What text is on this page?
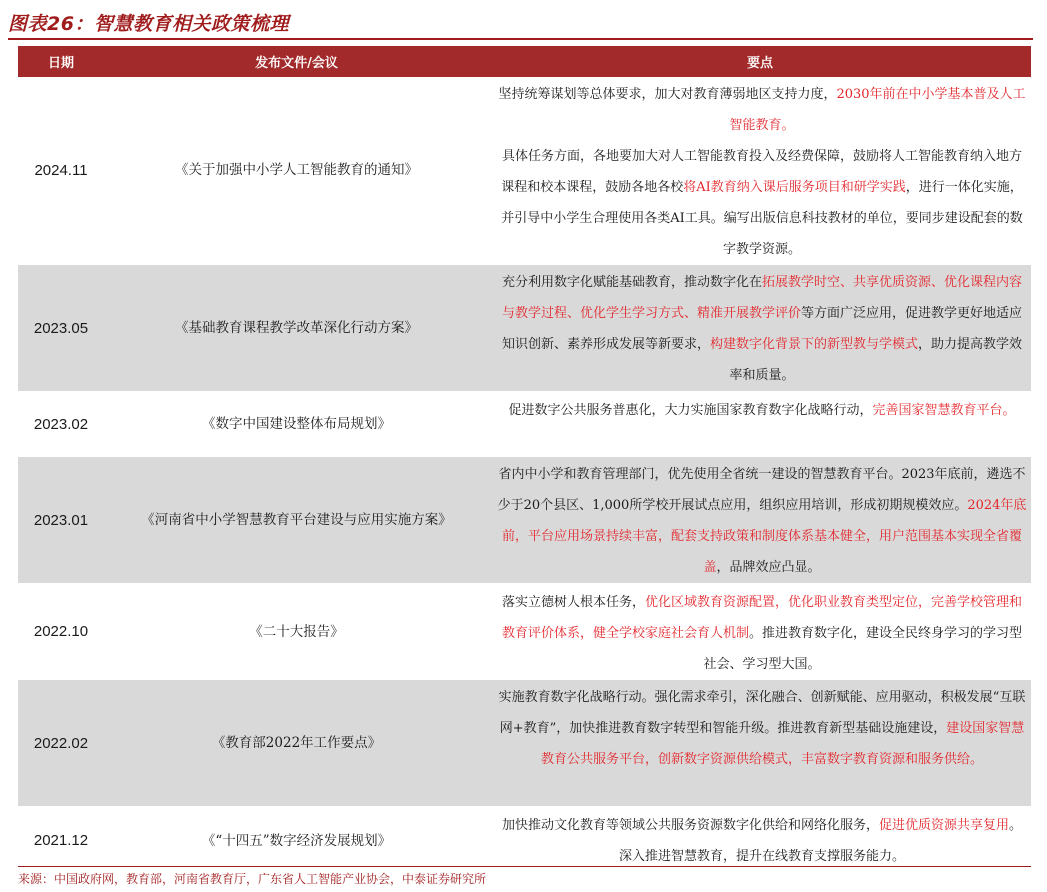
图表26：智慧教育相关政策梳理
日期	发布文件/会议	要点
2024.11	《关于加强中小学人工智能教育的通知》
坚持统筹谋划等总体要求，加大对教育薄弱地区支持力度，2030年前在中小学基本普及人工智能教育。
具体任务方面，各地要加大对人工智能教育投入及经费保障，鼓励将人工智能教育纳入地方课程和校本课程，鼓励各地各校将AI教育纳入课后服务项目和研学实践，进行一体化实施，并引导中小学生合理使用各类AI工具。编写出版信息科技教材的单位，要同步建设配套的数字教学资源。
2023.05	《基础教育课程教学改革深化行动方案》
充分利用数字化赋能基础教育，推动数字化在拓展教学时空、共享优质资源、优化课程内容与教学过程、优化学生学习方式、精准开展教学评价等方面广泛应用，促进教学更好地适应知识创新、素养形成发展等新要求，构建数字化背景下的新型教与学模式，助力提高教学效率和质量。
2023.02	《数字中国建设整体布局规划》
促进数字公共服务普惠化，大力实施国家教育数字化战略行动，完善国家智慧教育平台。
2023.01	《河南省中小学智慧教育平台建设与应用实施方案》
省内中小学和教育管理部门，优先使用全省统一建设的智慧教育平台。2023年底前，遴选不少于20个县区、1,000所学校开展试点应用，组织应用培训，形成初期规模效应。2024年底前，平台应用场景持续丰富，配套支持政策和制度体系基本健全，用户范围基本实现全省覆盖，品牌效应凸显。
2022.10	《二十大报告》
落实立德树人根本任务，优化区域教育资源配置，优化职业教育类型定位，完善学校管理和教育评价体系，健全学校家庭社会育人机制。推进教育数字化，建设全民终身学习的学习型社会、学习型大国。
2022.02	《教育部2022年工作要点》
实施教育数字化战略行动。强化需求牵引，深化融合、创新赋能、应用驱动，积极发展“互联网+教育”，加快推进教育数字转型和智能升级。推进教育新型基础设施建设，建设国家智慧教育公共服务平台，创新数字资源供给模式，丰富数字教育资源和服务供给。
2021.12	《“十四五”数字经济发展规划》
加快推动文化教育等领域公共服务资源数字化供给和网络化服务，促进优质资源共享复用。深入推进智慧教育，提升在线教育支撑服务能力。
来源：中国政府网，教育部，河南省教育厅，广东省人工智能产业协会，中泰证券研究所
